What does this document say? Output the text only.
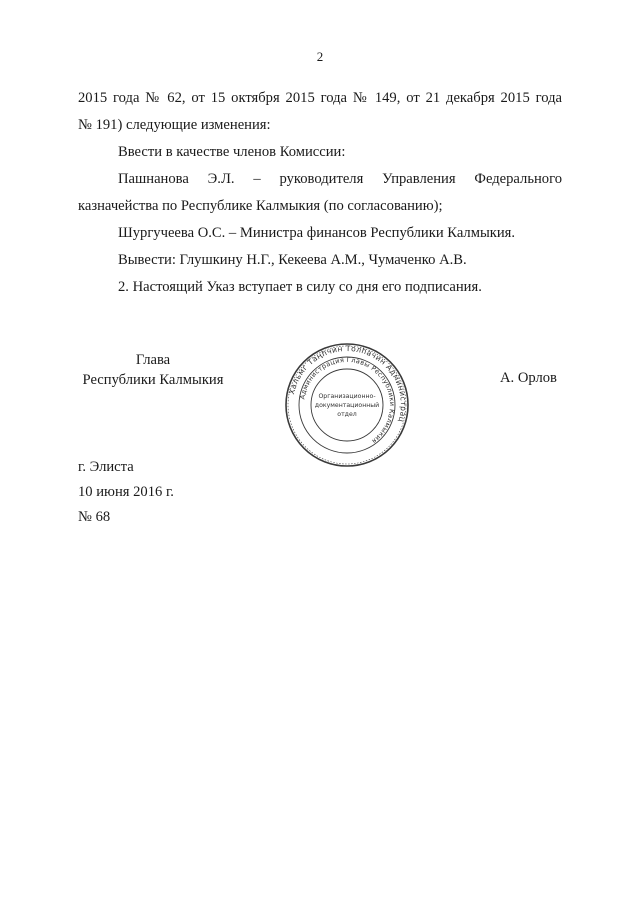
2

2015 года № 62, от 15 октября 2015 года № 149, от 21 декабря 2015 года

№ 191) следующие изменения:

Ввести в качестве членов Комиссии:

Пашнанова Э.Л. – руководителя Управления Федерального

казначейства по Республике Калмыкия (по согласованию);

Шургучеева О.С. – Министра финансов Республики Калмыкия.

Вывести: Глушкину Н.Г., Кекеева А.М., Чумаченко А.В.

2. Настоящий Указ вступает в силу со дня его подписания.

Глава
Республики Калмыкия
Хальмг Таңһчин Толһачин Администрац
Администрация Главы Республики Калмыкия
Организационно-
документационный
отдел
А. Орлов
г. Элиста
10 июня 2016 г.
№ 68
